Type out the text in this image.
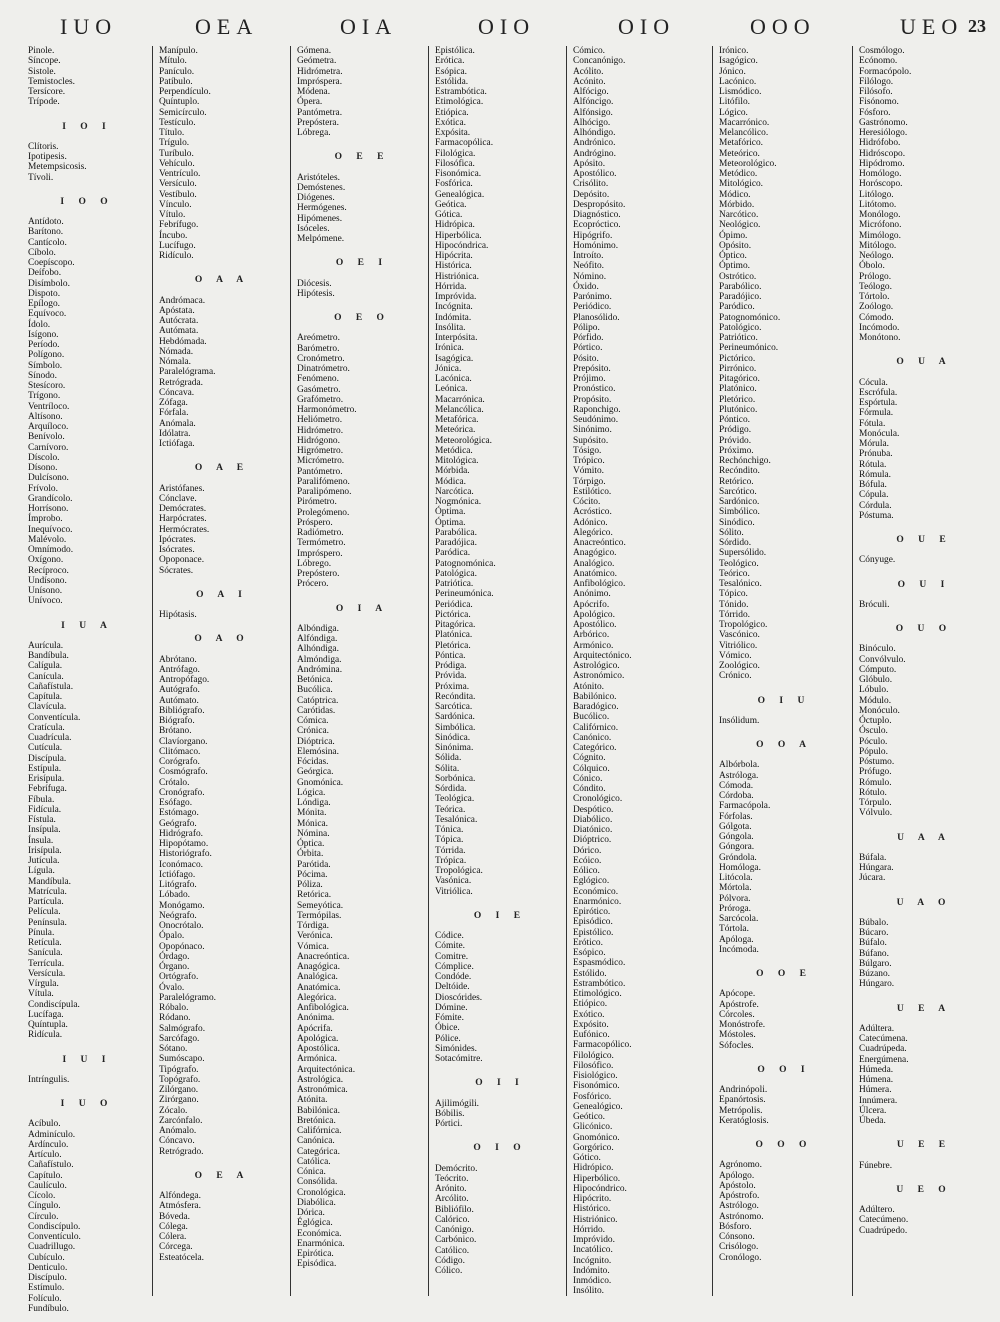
IUO	OEA	OIA	OIO	OIO	OOO	UEO 23
Pinole.
Síncope.
Sistole.
Temistocles.
Tersícore.
Trípode.
I O I
Clítoris.
Ipotipesis.
Metempsicosis.
Tívoli.
I O O
Antídoto.
Barítono.
Cantícolo.
Cíbolo.
Coepíscopo.
Deífobo.
Disímbolo.
Dispoto.
Epílogo.
Equívoco.
Ídolo.
Isígono.
Período.
Polígono.
Símbolo.
Sínodo.
Stesícoro.
Trígono.
Ventríloco.
Altísono.
Arquíloco.
Benívolo.
Carnívoro.
Díscolo.
Dísono.
Dulcísono.
Frívolo.
Grandícolo.
Horrísono.
Ímprobo.
Inequívoco.
Malévolo.
Omnímodo.
Oxígono.
Recíproco.
Undísono.
Unísono.
Unívoco.
I U A
Aurícula.
Bandíbula.
Calígula.
Canícula.
Cañafístula.
Capítula.
Clavícula.
Conventícula.
Cratícula.
Cuadrícula.
Cutícula.
Discípula.
Estípula.
Erisípula.
Febrífuga.
Fíbula.
Fidícula.
Fístula.
Insípula.
Ínsula.
Irisípula.
Jutícula.
Lígula.
Mandíbula.
Matrícula.
Partícula.
Película.
Península.
Pínula.
Retícula.
Sanícula.
Terrícula.
Versícula.
Vírgula.
Vítula.
Condiscípula.
Lucífaga.
Quíntupla.
Ridícula.
I U I
Intríngulis.
I U O
Acíbulo.
Adminículo.
Ardínculo.
Artículo.
Cañafístulo.
Capítulo.
Caulículo.
Cícolo.
Cíngulo.
Círculo.
Condiscípulo.
Conventículo.
Cuadrillugo.
Cubículo.
Denticulo.
Discípulo.
Estímulo.
Folículo.
Fundíbulo.
Manípulo.
Mítulo.
Panículo.
Patíbulo.
Perpendículo.
Quíntuplo.
Semicírculo.
Testículo.
Título.
Trígulo.
Turíbulo.
Vehículo.
Ventrículo.
Versículo.
Vestíbulo.
Vínculo.
Vítulo.
Febrífugo.
Íncubo.
Lucífugo.
Ridículo.
O A A
Andrómaca.
Apóstata.
Autócrata.
Autómata.
Hebdómada.
Nómada.
Nómala.
Paralelógrama.
Retrógrada.
Cóncava.
Zófaga.
Fórfala.
Anómala.
Idólatra.
Ictiófaga.
O A E
Aristófanes.
Cónclave.
Demócrates.
Harpócrates.
Hermócrates.
Ipócrates.
Isócrates.
Opoponace.
Sócrates.
O A I
Hipótasis.
O A O
Abrótano.
Antrófago.
Antropófago.
Autógrafo.
Autómato.
Bibliógrafo.
Biógrafo.
Brótano.
Clavíorgano.
Clitómaco.
Corógrafo.
Cosmógrafo.
Crótalo.
Cronógrafo.
Esófago.
Estómago.
Geógrafo.
Hidrógrafo.
Hipopótamo.
Historiógrafo.
Iconómaco.
Ictiófago.
Litógrafo.
Lóbado.
Monógamo.
Neógrafo.
Onocrótalo.
Ópalo.
Opopónaco.
Órdago.
Órgano.
Ortógrafo.
Óvalo.
Paralelógramo.
Róbalo.
Ródano.
Salmógrafo.
Sarcófago.
Sótano.
Sumóscapo.
Tipógrafo.
Topógrafo.
Zilórgano.
Zirórgano.
Zócalo.
Zarcónfalo.
Anómalo.
Cóncavo.
Retrógrado.
O E A
Alfóndega.
Atmósfera.
Bóveda.
Cólega.
Cólera.
Córcega.
Esteatócela.
Gómena.
Geómetra.
Hidrómetra.
Impróspera.
Módena.
Ópera.
Pantómetra.
Prepóstera.
Lóbrega.
O E E
Aristóteles.
Demóstenes.
Diógenes.
Hermógenes.
Hipómenes.
Isóceles.
Melpómene.
O E I
Diócesis.
Hipótesis.
O E O
Areómetro.
Barómetro.
Cronómetro.
Dinatrómetro.
Fenómeno.
Gasómetro.
Grafómetro.
Harmonómetro.
Heliómetro.
Hidrómetro.
Hidrógono.
Higrómetro.
Micrómetro.
Pantómetro.
Paralifómeno.
Paralipómeno.
Pirómetro.
Prolegómeno.
Próspero.
Radiómetro.
Termómetro.
Impróspero.
Lóbrego.
Prepóstero.
Prócero.
O I A
Albóndiga.
Alfóndiga.
Alhóndiga.
Almóndiga.
Andrómina.
Betónica.
Bucólica.
Catóptrica.
Carótidas.
Cómica.
Crónica.
Dióptrica.
Elemósina.
Fócidas.
Geórgica.
Gnomónica.
Lógica.
Lóndiga.
Mónita.
Mónica.
Nómina.
Óptica.
Órbita.
Parótida.
Pócima.
Póliza.
Retórica.
Semeyótica.
Termópilas.
Tórdiga.
Verónica.
Vómica.
Anacreóntica.
Anagógica.
Analógica.
Anatómica.
Alegórica.
Anfibológica.
Anónima.
Apócrifa.
Apológica.
Apostólica.
Armónica.
Arquitectónica.
Astrológica.
Astronómica.
Atónita.
Babilónica.
Bretónica.
Califórnica.
Canónica.
Categórica.
Católica.
Cónica.
Consólida.
Cronológica.
Diabólica.
Dórica.
Églógica.
Económica.
Enarmónica.
Epirótica.
Episódica.
Epistólica.
Erótica.
Esópica.
Estólida.
Estrambótica.
Etimológica.
Etiópica.
Exótica.
Expósita.
Farmacopólica.
Filológica.
Filosófica.
Fisonómica.
Fosfórica.
Genealógica.
Geótica.
Gótica.
Hidrópica.
Hiperbólica.
Hipocóndrica.
Hipócrita.
Histórica.
Histriónica.
Hórrida.
Impróvida.
Incógnita.
Indómita.
Insólita.
Interpósita.
Irónica.
Isagógica.
Jónica.
Lacónica.
Leónica.
Macarrónica.
Melancólica.
Metafórica.
Meteórica.
Meteorológica.
Metódica.
Mitológica.
Mórbida.
Módica.
Narcótica.
Nogmónica.
Óptima.
Óptima.
Parabólica.
Paradójica.
Paródica.
Patognomónica.
Patológica.
Patriótica.
Perineumónica.
Periódica.
Pictórica.
Pitagórica.
Platónica.
Pletórica.
Póntica.
Pródiga.
Próvida.
Próxima.
Recóndita.
Sarcótica.
Sardónica.
Simbólica.
Sinódica.
Sinónima.
Sólida.
Sólita.
Sorbónica.
Sórdida.
Teológica.
Teórica.
Tesalónica.
Tónica.
Tópica.
Tórrida.
Trópica.
Tropológica.
Vasónica.
Vitriólica.
O I E
Códice.
Cómite.
Comitre.
Cómplice.
Condóde.
Deltóide.
Dioscórides.
Dómine.
Fómite.
Óbice.
Pólice.
Simónides.
Sotacómitre.
O I I
Ajilimógili.
Bóbilis.
Pórtici.
O I O
Demócrito.
Teócrito.
Arónito.
Arcólito.
Bibliófilo.
Calórico.
Canónigo.
Carbónico.
Católico.
Código.
Cólico.
Cómico.
Concanónigo.
Acólito.
Acónito.
Alfócigo.
Alfóncigo.
Alfónsigo.
Alhócigo.
Alhóndigo.
Andrónico.
Andrógino.
Apósito.
Apostólico.
Crisólito.
Depósito.
Despropósito.
Diagnóstico.
Ecopróctico.
Hipógrifo.
Homónimo.
Introíto.
Neófito.
Nómino.
Óxido.
Parónimo.
Periódico.
Planosólido.
Pólipo.
Pórfido.
Pórtico.
Pósito.
Prepósito.
Prójimo.
Pronóstico.
Propósito.
Raponchigo.
Seudónimo.
Sinónimo.
Supósito.
Tósigo.
Trópico.
Vómito.
Tórpigo.
Estilótico.
Cócito.
Acróstico.
Adónico.
Alegórico.
Anacreóntico.
Anagógico.
Analógico.
Anatómico.
Anfibológico.
Anónimo.
Apócrifo.
Apológico.
Apostólico.
Arbórico.
Armónico.
Arquitectónico.
Astrológico.
Astronómico.
Atónito.
Babilónico.
Baradógico.
Bucólico.
Califórnico.
Canónico.
Categórico.
Cógnito.
Cólquico.
Cónico.
Cóndito.
Cronológico.
Despótico.
Diabólico.
Diatónico.
Dióptrico.
Dórico.
Ecóico.
Eólico.
Eglógico.
Económico.
Enarmónico.
Epirótico.
Episódico.
Epistólico.
Erótico.
Esópico.
Espasmódico.
Estólido.
Estrambótico.
Etimológico.
Etiópico.
Exótico.
Expósito.
Eufónico.
Farmacopólico.
Filológico.
Filosófico.
Fisiológico.
Fisonómico.
Fosfórico.
Genealógico.
Geótico.
Glicónico.
Gnomónico.
Gorgórico.
Gótico.
Hidrópico.
Hiperbólico.
Hipocóndrico.
Hipócrito.
Histórico.
Histriónico.
Hórrido.
Impróvido.
Incatólico.
Incógnito.
Indómito.
Inmódico.
Insólito.
Irónico.
Isagógico.
Jónico.
Lacónico.
Lismódico.
Litófilo.
Lógico.
Macarrónico.
Melancólico.
Metafórico.
Meteórico.
Meteorológico.
Metódico.
Mitológico.
Módico.
Mórbido.
Narcótico.
Neológico.
Ópimo.
Opósito.
Óptico.
Óptimo.
Ostrótico.
Parabólico.
Paradójico.
Paródico.
Patognomónico.
Patológico.
Patriótico.
Perineumónico.
Pictórico.
Pirrónico.
Pitagórico.
Platónico.
Pletórico.
Plutónico.
Póntico.
Pródigo.
Próvido.
Próximo.
Rechónchigo.
Recóndito.
Retórico.
Sarcótico.
Sardónico.
Simbólico.
Sinódico.
Sólito.
Sórdido.
Supersólido.
Teológico.
Teórico.
Tesalónico.
Tópico.
Tónido.
Tórrido.
Tropológico.
Vascónico.
Vitriólico.
Vómico.
Zoológico.
Crónico.
O I U
Insólidum.
O O A
Albórbola.
Astróloga.
Cómoda.
Córdoba.
Farmacópola.
Fórfolas.
Gólgota.
Góngola.
Góngora.
Gróndola.
Homóloga.
Litócola.
Mórtola.
Pólvora.
Próroga.
Sarcócola.
Tórtola.
Apóloga.
Incómoda.
O O E
Apócope.
Apóstrofe.
Córcoles.
Monóstrofe.
Móstoles.
Sófocles.
O O I
Andrinópoli.
Epanórtosis.
Metrópolis.
Keratóglosis.
O O O
Agrónomo.
Apólogo.
Apóstolo.
Apóstrofo.
Astrólogo.
Astrónomo.
Bósforo.
Cónsono.
Crisólogo.
Cronólogo.
Cosmólogo.
Ecónomo.
Formacópolo.
Filólogo.
Filósofo.
Fisónomo.
Fósforo.
Gastrónomo.
Heresiólogo.
Hidrófobo.
Hidróscopo.
Hipódromo.
Homólogo.
Horóscopo.
Litólogo.
Litótomo.
Monólogo.
Micrófono.
Mimólogo.
Mitólogo.
Neólogo.
Óbolo.
Prólogo.
Teólogo.
Tórtolo.
Zoólogo.
Cómodo.
Incómodo.
Monótono.
O U A
Cócula.
Escrófula.
Espórtula.
Fórmula.
Fótula.
Monócula.
Mórula.
Prónuba.
Rótula.
Rómula.
Bófula.
Cópula.
Córdula.
Póstuma.
O U E
Cónyuge.
O U I
Bróculi.
O U O
Binóculo.
Convólvulo.
Cómputo.
Glóbulo.
Lóbulo.
Módulo.
Monóculo.
Óctuplo.
Ósculo.
Póculo.
Pópulo.
Póstumo.
Prófugo.
Rómulo.
Rótulo.
Tórpulo.
Vólvulo.
U A A
Búfala.
Húngara.
Júcara.
U A O
Búbalo.
Búcaro.
Búfalo.
Búfano.
Búlgaro.
Búzano.
Húngaro.
U E A
Adúltera.
Catecúmena.
Cuadrúpeda.
Energúmena.
Húmeda.
Húmena.
Húmera.
Innúmera.
Úlcera.
Úbeda.
U E E
Fúnebre.
U E O
Adúltero.
Catecúmeno.
Cuadrúpedo.
